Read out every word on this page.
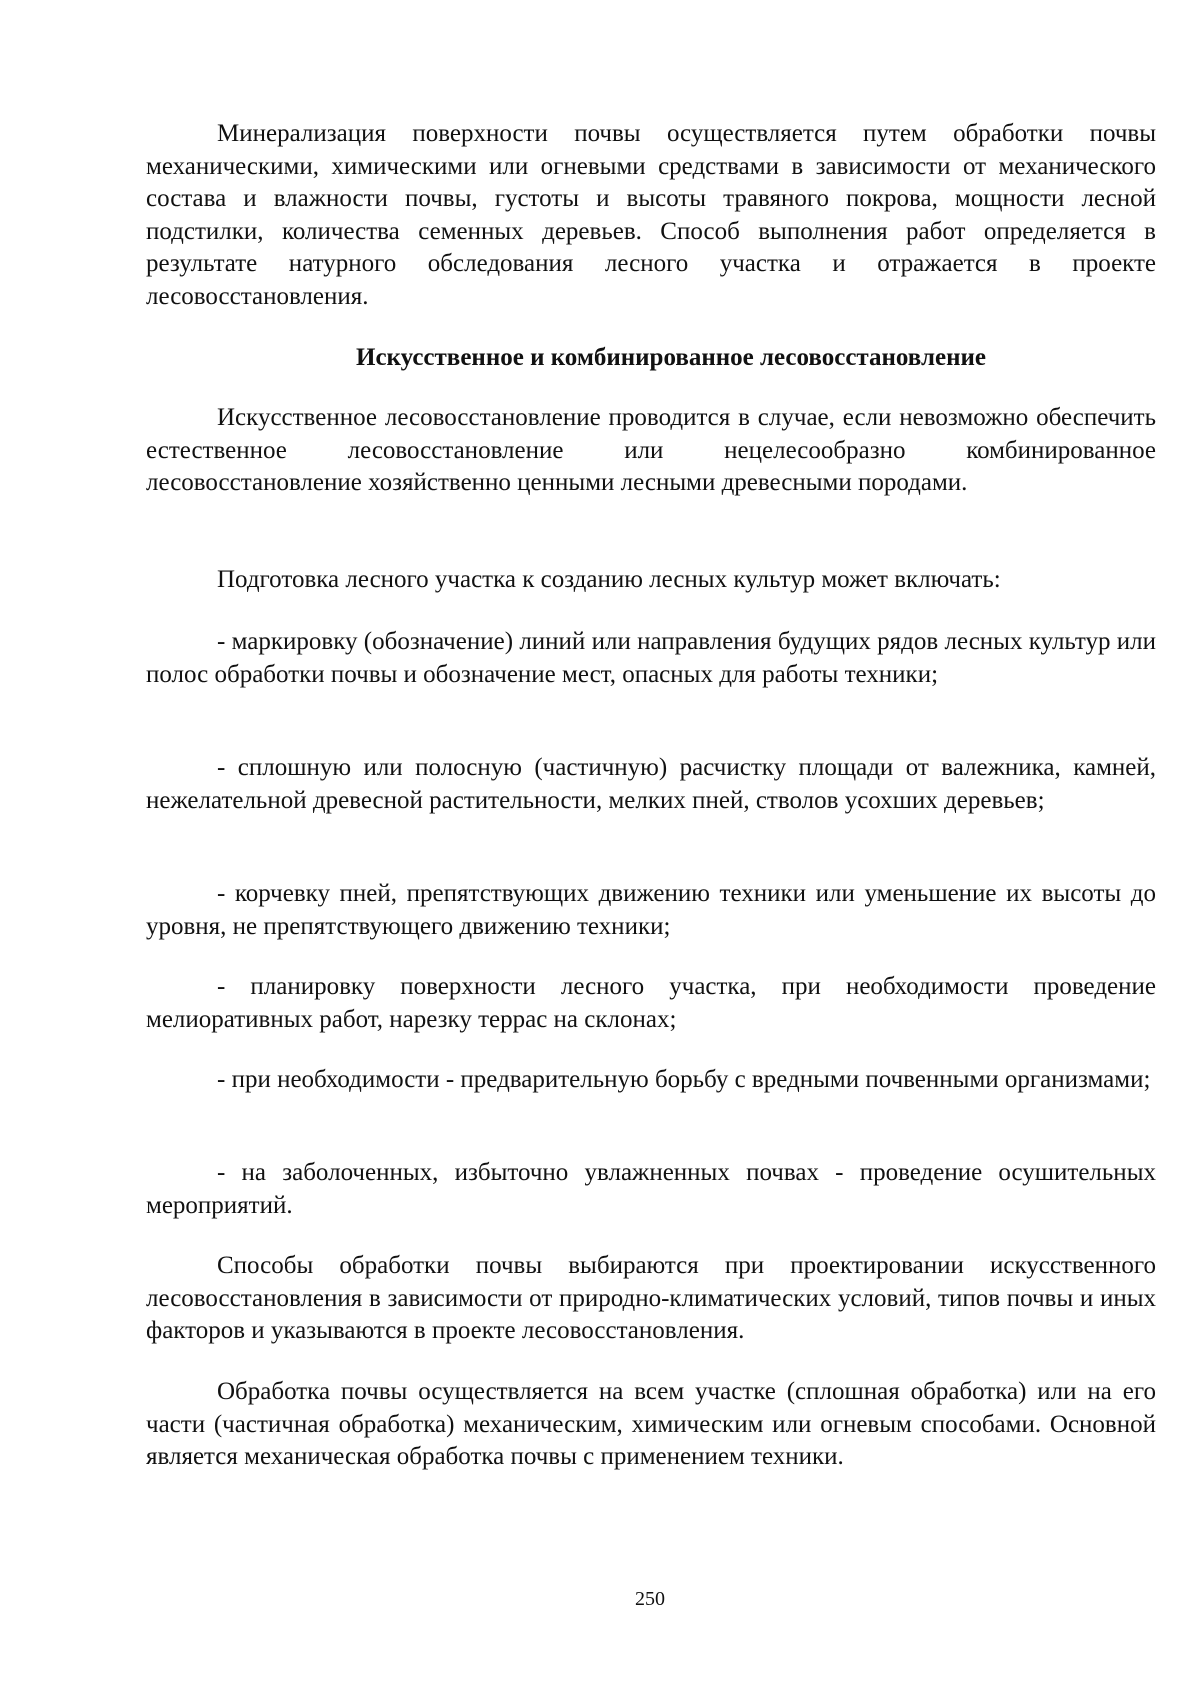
Минерализация поверхности почвы осуществляется путем обработки почвы механическими, химическими или огневыми средствами в зависимости от механического состава и влажности почвы, густоты и высоты травяного покрова, мощности лесной подстилки, количества семенных деревьев. Способ выполнения работ определяется в результате натурного обследования лесного участка и отражается в проекте лесовосстановления.

Искусственное и комбинированное лесовосстановление

Искусственное лесовосстановление проводится в случае, если невозможно обеспечить естественное лесовосстановление или нецелесообразно комбинированное лесовосстановление хозяйственно ценными лесными древесными породами.

Подготовка лесного участка к созданию лесных культур может включать:

- маркировку (обозначение) линий или направления будущих рядов лесных культур или полос обработки почвы и обозначение мест, опасных для работы техники;

- сплошную или полосную (частичную) расчистку площади от валежника, камней, нежелательной древесной растительности, мелких пней, стволов усохших деревьев;

- корчевку пней, препятствующих движению техники или уменьшение их высоты до уровня, не препятствующего движению техники;

- планировку поверхности лесного участка, при необходимости проведение мелиоративных работ, нарезку террас на склонах;

- при необходимости - предварительную борьбу с вредными почвенными организмами;

- на заболоченных, избыточно увлажненных почвах - проведение осушительных мероприятий.

Способы обработки почвы выбираются при проектировании искусственного лесовосстановления в зависимости от природно-климатических условий, типов почвы и иных факторов и указываются в проекте лесовосстановления.

Обработка почвы осуществляется на всем участке (сплошная обработка) или на его части (частичная обработка) механическим, химическим или огневым способами. Основной является механическая обработка почвы с применением техники.

250
